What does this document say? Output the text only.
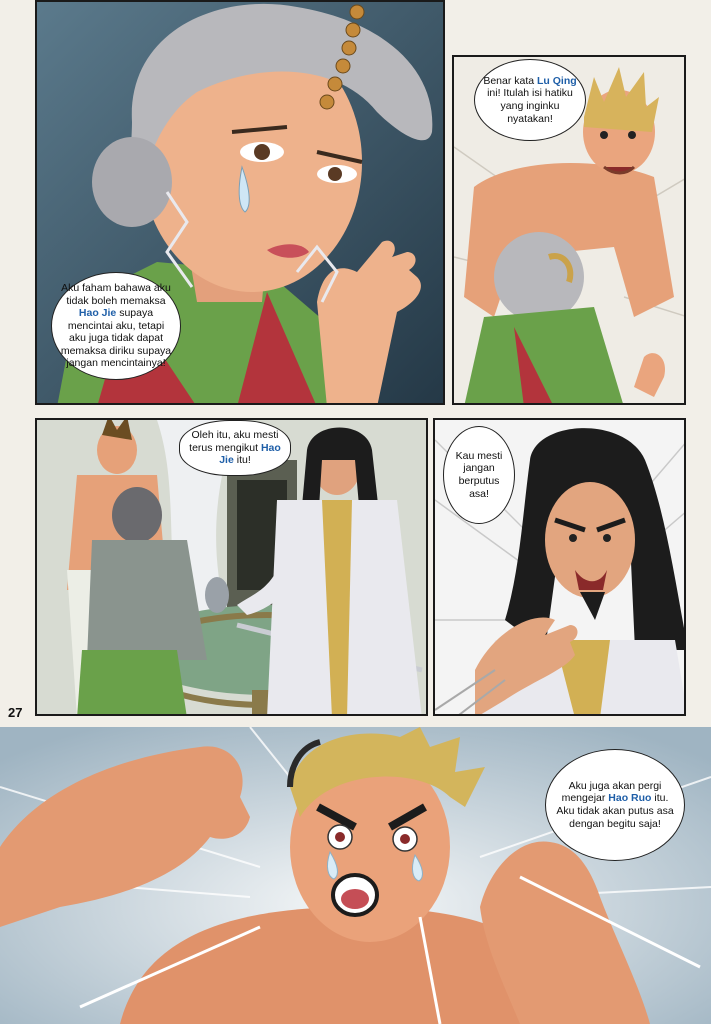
Aku faham bahawa aku tidak boleh memaksa Hao Jie supaya mencintai aku, tetapi aku juga tidak dapat memaksa diriku supaya jangan mencintainya!

Benar kata Lu Qing ini! Itulah isi hatiku yang inginku nyatakan!

Oleh itu, aku mesti terus mengikut Hao Jie itu!

27

Kau mesti jangan berputus asa!

Aku juga akan pergi mengejar Hao Ruo itu. Aku tidak akan putus asa dengan begitu saja!
